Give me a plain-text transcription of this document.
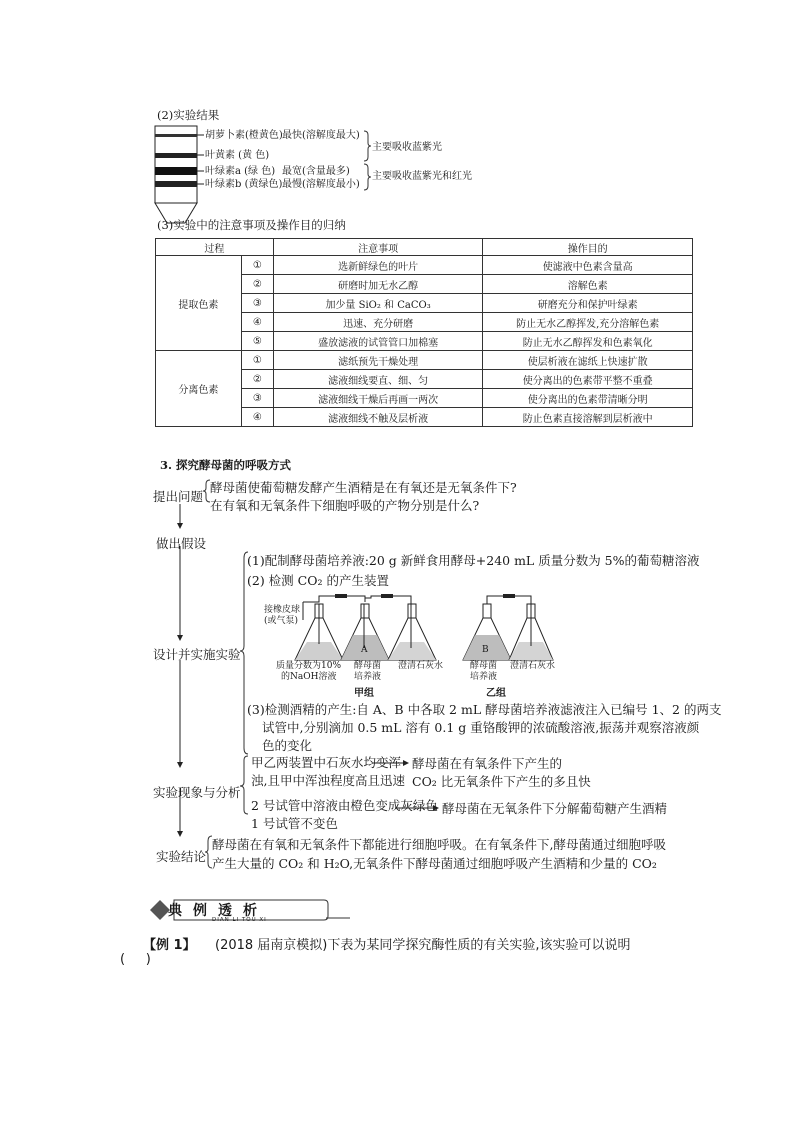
(2)实验结果
胡萝卜素(橙黄色) 最快(溶解度最大)
叶黄素 (黄 色)
叶绿素a (绿 色) 最宽(含量最多)
叶绿素b (黄绿色) 最慢(溶解度最小)
主要吸收蓝紫光
主要吸收蓝紫光和红光
(3)实验中的注意事项及操作目的归纳
过程		注意事项	操作目的
提取色素	①	选新鲜绿色的叶片	使滤液中色素含量高
	②	研磨时加无水乙醇	溶解色素
	③	加少量 SiO₂ 和 CaCO₃	研磨充分和保护叶绿素
	④	迅速、充分研磨	防止无水乙醇挥发,充分溶解色素
	⑤	盛放滤液的试管管口加棉塞	防止无水乙醇挥发和色素氧化
分离色素	①	滤纸预先干燥处理	使层析液在滤纸上快速扩散
	②	滤液细线要直、细、匀	使分离出的色素带平整不重叠
	③	滤液细线干燥后再画一两次	使分离出的色素带清晰分明
	④	滤液细线不触及层析液	防止色素直接溶解到层析液中
3. 探究酵母菌的呼吸方式
提出问题
酵母菌使葡萄糖发酵产生酒精是在有氧还是无氧条件下?
在有氧和无氧条件下细胞呼吸的产物分别是什么?
做出假设
(1)配制酵母菌培养液:20 g 新鲜食用酵母+240 mL 质量分数为 5%的葡萄糖溶液
(2) 检测 CO₂ 的产生装置
设计并实施实验
接橡皮球
(或气泵)
A	B
质量分数为10%
的NaOH溶液
酵母菌
培养液
澄清石灰水	酵母菌
培养液
澄清石灰水
甲组	乙组
(3)检测酒精的产生:自 A、B 中各取 2 mL 酵母菌培养液滤液注入已编号 1、2 的两支
试管中,分别滴加 0.5 mL 溶有 0.1 g 重铬酸钾的浓硫酸溶液,振荡并观察溶液颜
色的变化
甲乙两装置中石灰水均变浑
浊,且甲中浑浊程度高且迅速
2 号试管中溶液由橙色变成灰绿色
1 号试管不变色
酵母菌在有氧条件下产生的
CO₂ 比无氧条件下产生的多且快
酵母菌在无氧条件下分解葡萄糖产生酒精
实验现象与分析
实验结论
酵母菌在有氧和无氧条件下都能进行细胞呼吸。在有氧条件下,酵母菌通过细胞呼吸
产生大量的 CO₂ 和 H₂O,无氧条件下酵母菌通过细胞呼吸产生酒精和少量的 CO₂
典 例 透 析
DIAN LI TOU XI
【例 1】 (2018 届南京模拟)下表为某同学探究酶性质的有关实验,该实验可以说明
(     )
